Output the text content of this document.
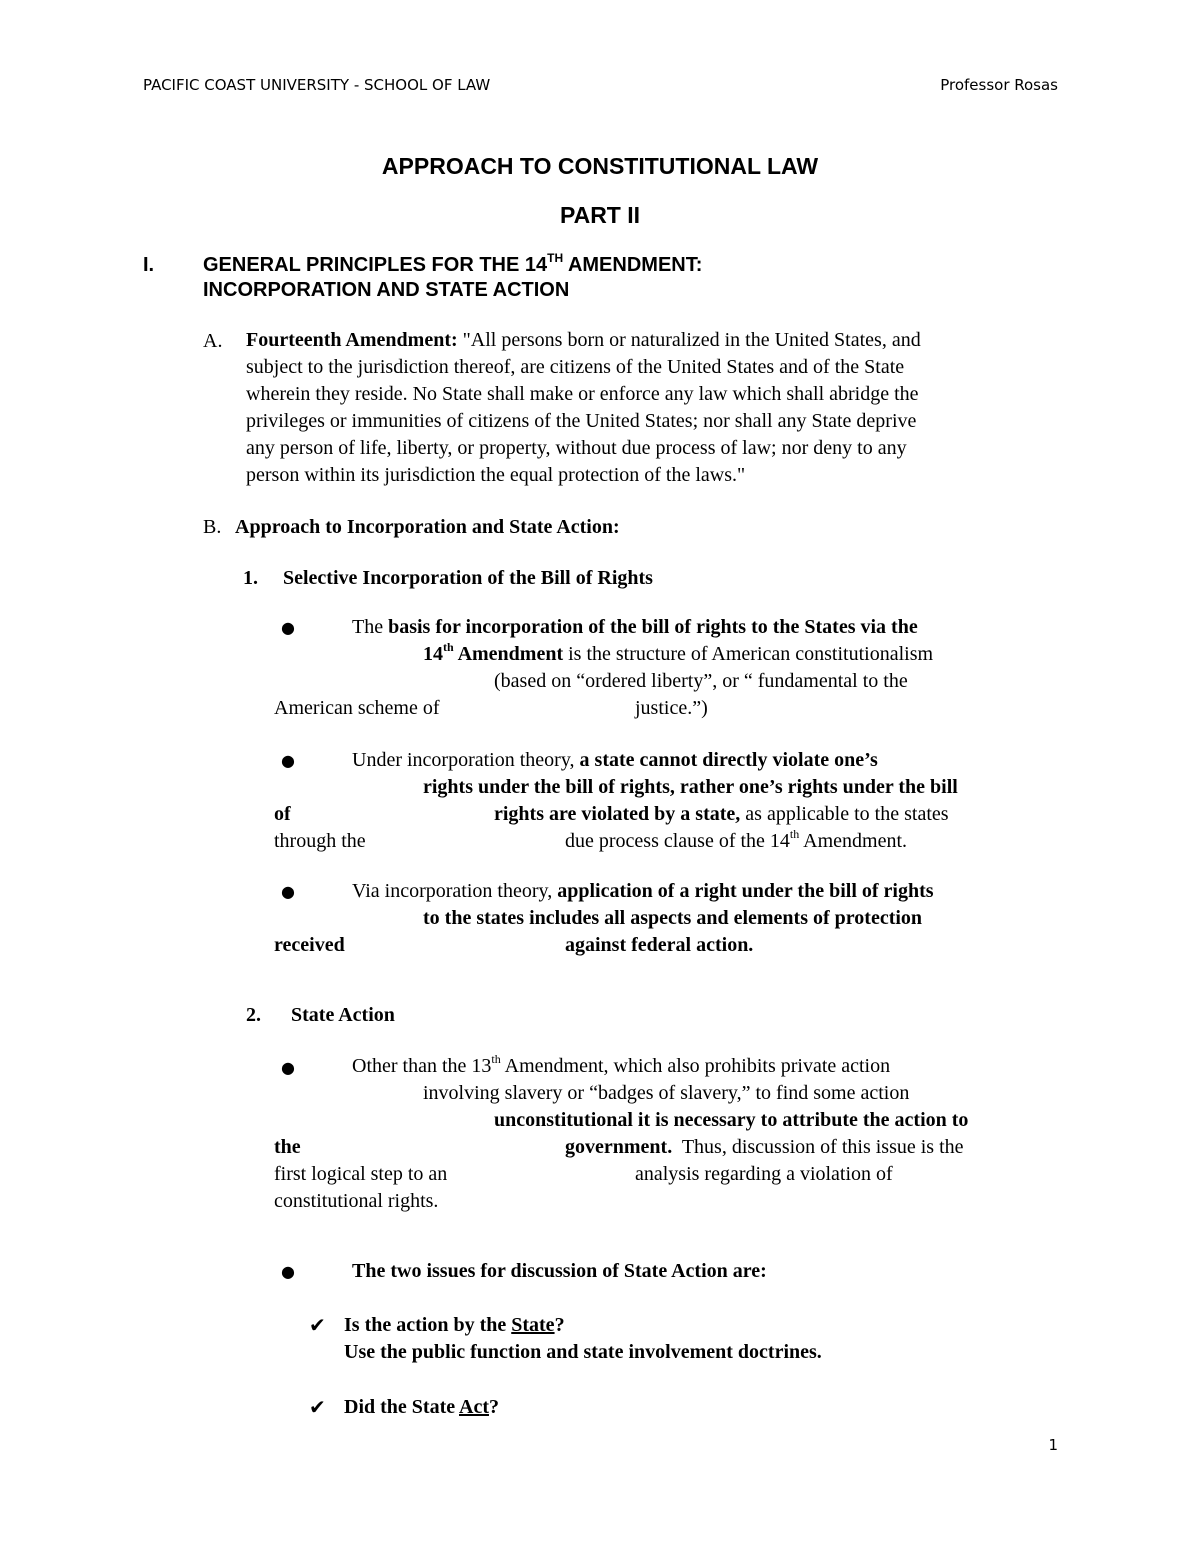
PACIFIC COAST UNIVERSITY - SCHOOL OF LAW	Professor Rosas
APPROACH TO CONSTITUTIONAL LAW
PART II
I. GENERAL PRINCIPLES FOR THE 14TH AMENDMENT:
INCORPORATION AND STATE ACTION
A. Fourteenth Amendment: "All persons born or naturalized in the United States, and
subject to the jurisdiction thereof, are citizens of the United States and of the State
wherein they reside. No State shall make or enforce any law which shall abridge the
privileges or immunities of citizens of the United States; nor shall any State deprive
any person of life, liberty, or property, without due process of law; nor deny to any
person within its jurisdiction the equal protection of the laws."
B. Approach to Incorporation and State Action:
1. Selective Incorporation of the Bill of Rights
●	The basis for incorporation of the bill of rights to the States via the
14th Amendment is the structure of American constitutionalism
(based on “ordered liberty”, or “ fundamental to the
American scheme of	justice.”)
●	Under incorporation theory, a state cannot directly violate one’s
rights under the bill of rights, rather one’s rights under the bill
of	rights are violated by a state, as applicable to the states
through the	due process clause of the 14th Amendment.
●	Via incorporation theory, application of a right under the bill of rights
to the states includes all aspects and elements of protection
received	against federal action.
2. State Action
●	Other than the 13th Amendment, which also prohibits private action
involving slavery or “badges of slavery,” to find some action
unconstitutional it is necessary to attribute the action to
the	government.  Thus, discussion of this issue is the
first logical step to an	analysis regarding a violation of
constitutional rights.
●	The two issues for discussion of State Action are:
✔ Is the action by the State?
Use the public function and state involvement doctrines.
✔ Did the State Act?
1
